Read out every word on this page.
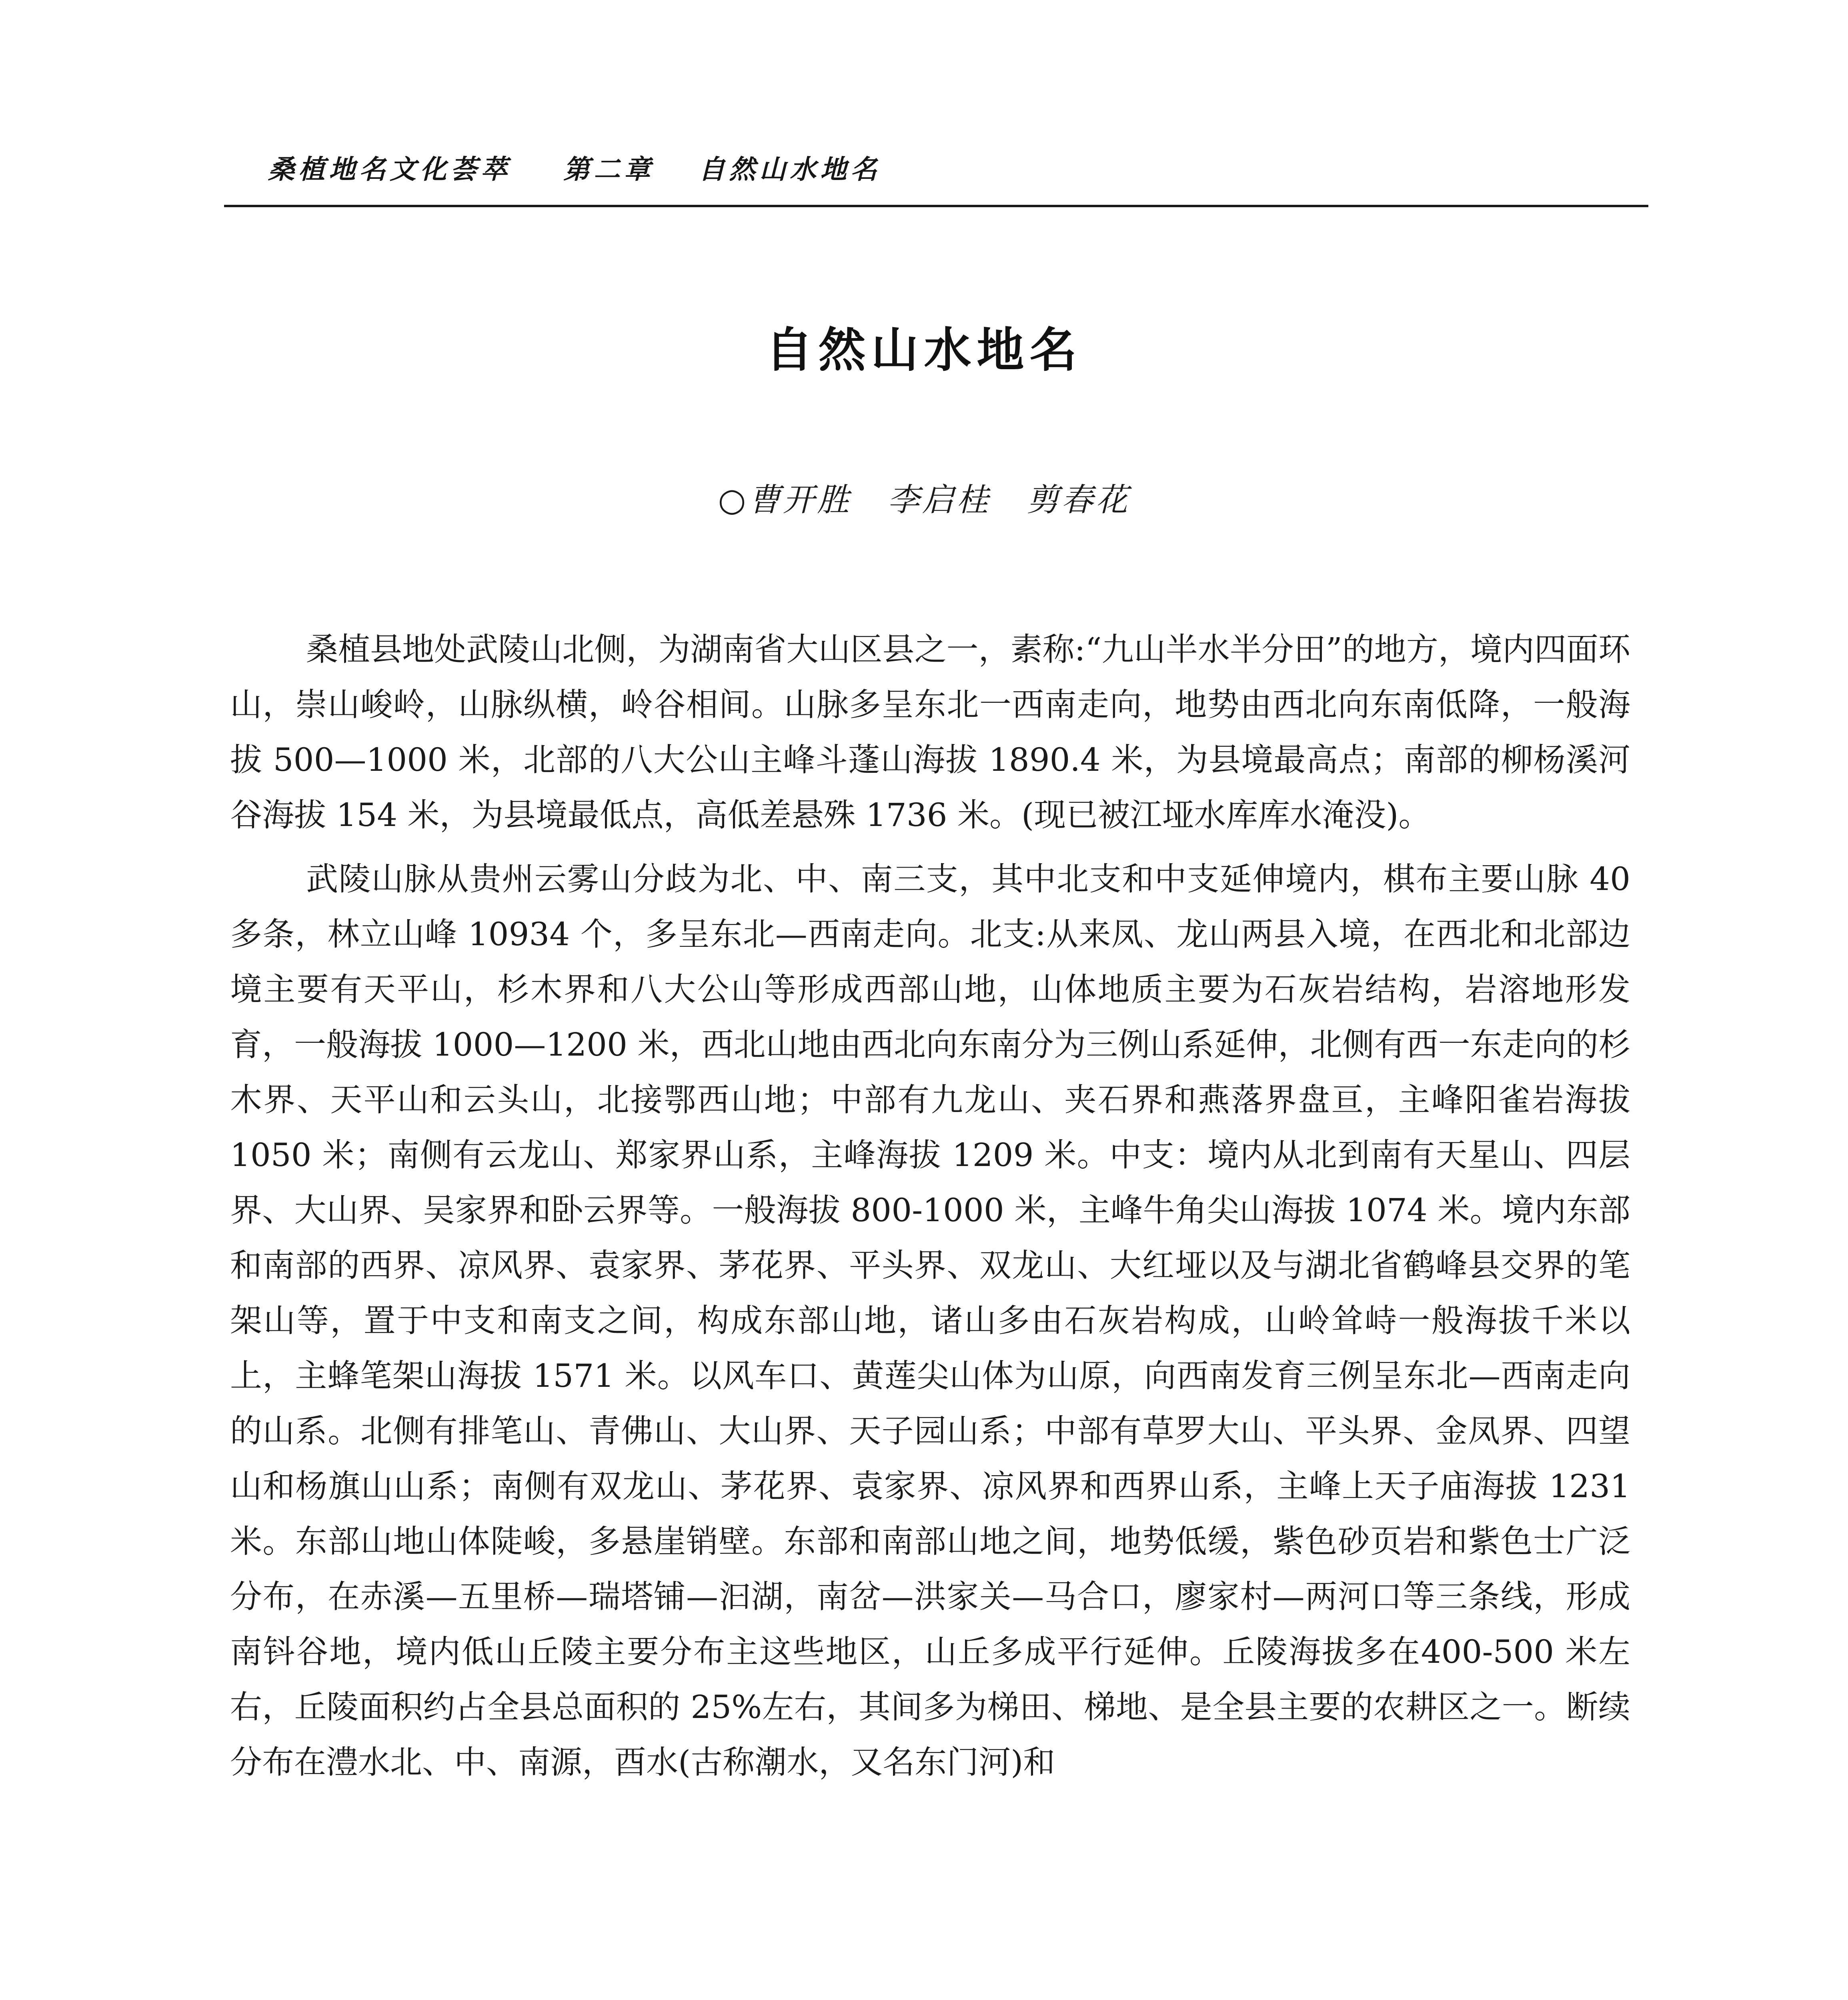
桑植地名文化荟萃 第二章 自然山水地名
自然山水地名
○曹开胜 李启桂 剪春花

桑植县地处武陵山北侧，为湖南省大山区县之一，素称:“九山半水半分田”的地方，境内四面环山，崇山峻岭，山脉纵横，岭谷相间。山脉多呈东北一西南走向，地势由西北向东南低降，一般海拔 500—1000 米，北部的八大公山主峰斗蓬山海拔 1890.4 米，为县境最高点；南部的柳杨溪河谷海拔 154 米，为县境最低点，高低差悬殊 1736 米。(现已被江垭水库库水淹没)。

武陵山脉从贵州云雾山分歧为北、中、南三支，其中北支和中支延伸境内，棋布主要山脉 40 多条，林立山峰 10934 个，多呈东北—西南走向。北支:从来凤、龙山两县入境，在西北和北部边境主要有天平山，杉木界和八大公山等形成西部山地，山体地质主要为石灰岩结构，岩溶地形发育，一般海拔 1000—1200 米，西北山地由西北向东南分为三例山系延伸，北侧有西一东走向的杉木界、天平山和云头山，北接鄂西山地；中部有九龙山、夹石界和燕落界盘亘，主峰阳雀岩海拔 1050 米；南侧有云龙山、郑家界山系，主峰海拔 1209 米。中支：境内从北到南有天星山、四层界、大山界、吴家界和卧云界等。一般海拔 800-1000 米，主峰牛角尖山海拔 1074 米。境内东部和南部的西界、凉风界、袁家界、茅花界、平头界、双龙山、大红垭以及与湖北省鹤峰县交界的笔架山等，置于中支和南支之间，构成东部山地，诸山多由石灰岩构成，山岭耸峙一般海拔千米以上，主蜂笔架山海拔 1571 米。以风车口、黄莲尖山体为山原，向西南发育三例呈东北—西南走向的山系。北侧有排笔山、青佛山、大山界、天子园山系；中部有草罗大山、平头界、金凤界、四望山和杨旗山山系；南侧有双龙山、茅花界、袁家界、凉风界和西界山系，主峰上天子庙海拔 1231 米。东部山地山体陡峻，多悬崖销壁。东部和南部山地之间，地势低缓，紫色砂页岩和紫色士广泛分布，在赤溪—五里桥—瑞塔铺—汩湖，南岔—洪家关—马合口，廖家村—两河口等三条线，形成南钭谷地，境内低山丘陵主要分布主这些地区，山丘多成平行延伸。丘陵海拔多在400-500 米左右，丘陵面积约占全县总面积的 25%左右，其间多为梯田、梯地、是全县主要的农耕区之一。断续分布在澧水北、中、南源，酉水(古称潮水，又名东门河)和
